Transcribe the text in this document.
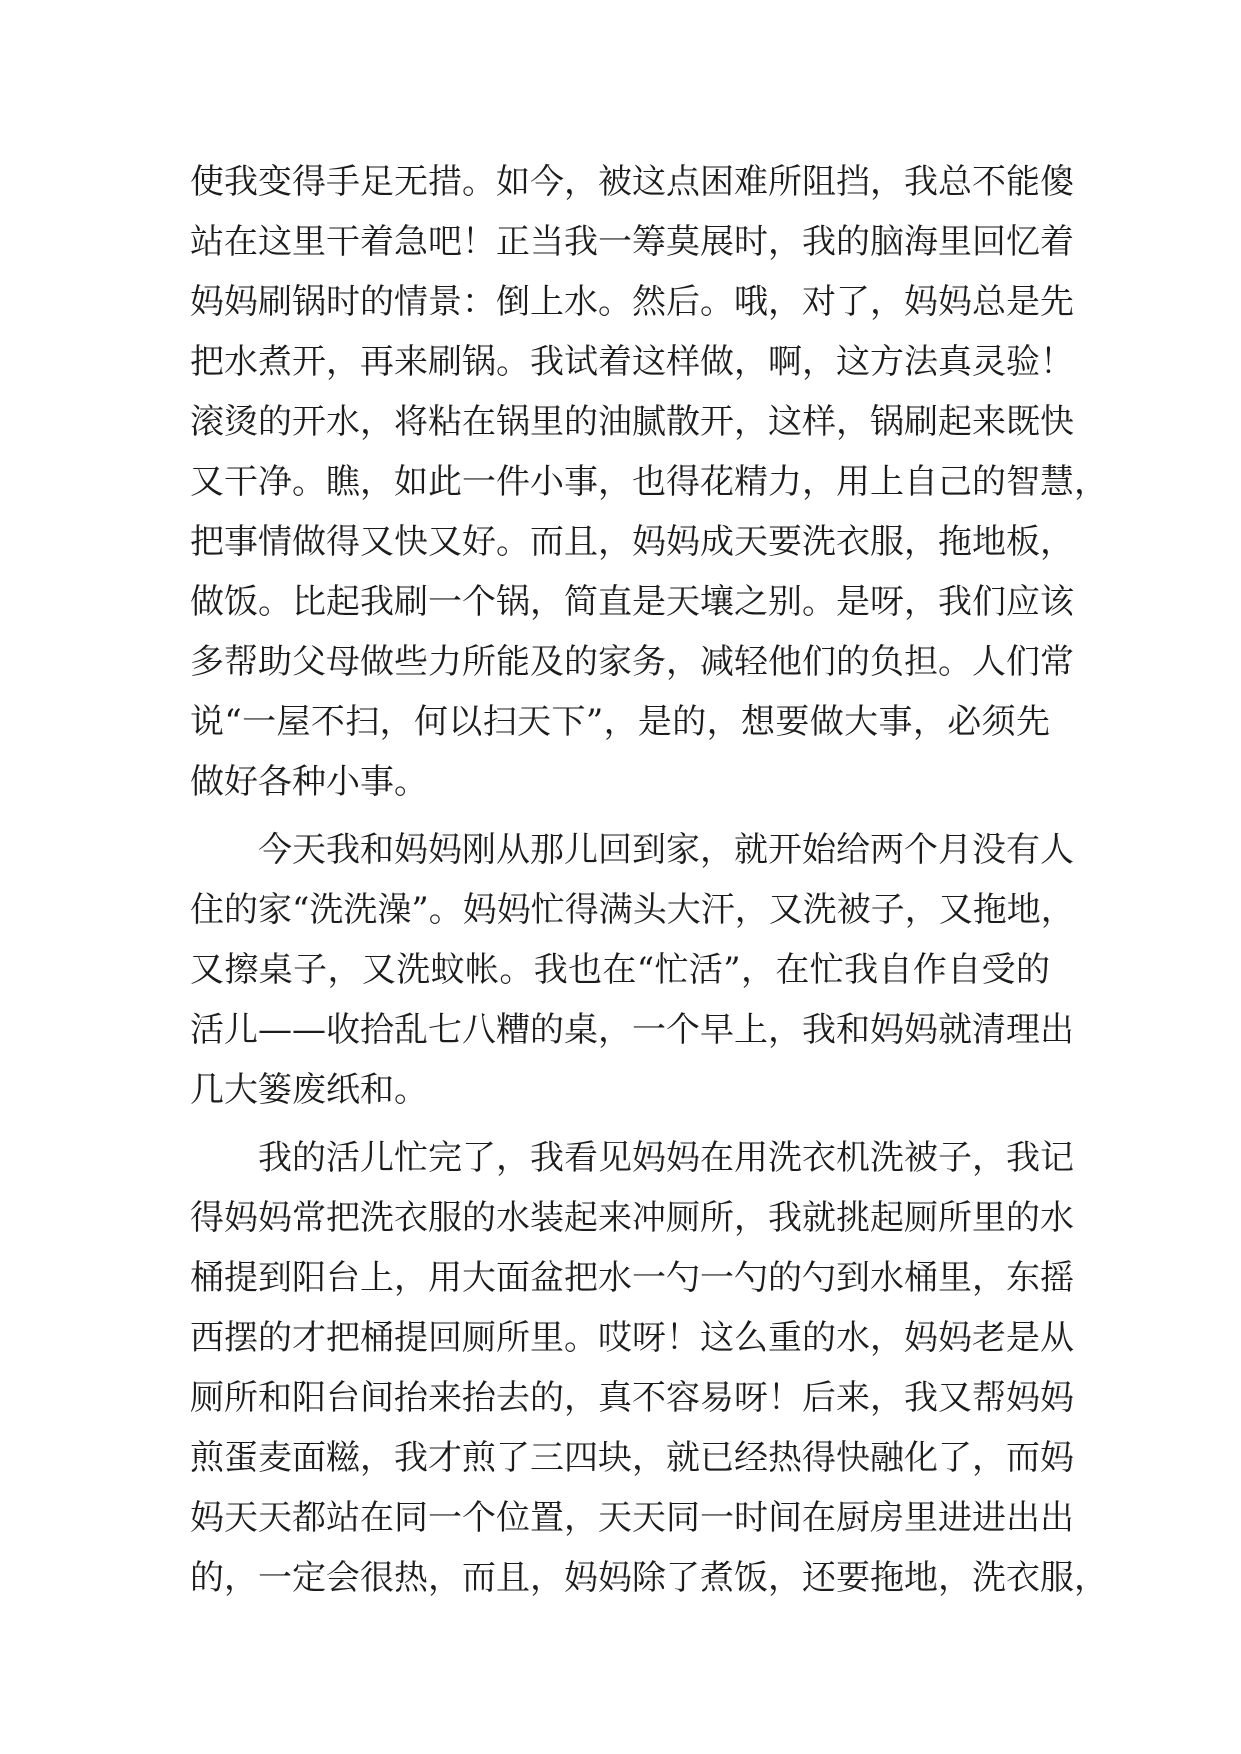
使我变得手足无措。如今，被这点困难所阻挡，我总不能傻
站在这里干着急吧！正当我一筹莫展时，我的脑海里回忆着
妈妈刷锅时的情景：倒上水。然后。哦，对了，妈妈总是先
把水煮开，再来刷锅。我试着这样做，啊，这方法真灵验！
滚烫的开水，将粘在锅里的油腻散开，这样，锅刷起来既快
又干净。瞧，如此一件小事，也得花精力，用上自己的智慧，
把事情做得又快又好。而且，妈妈成天要洗衣服，拖地板，
做饭。比起我刷一个锅，简直是天壤之别。是呀，我们应该
多帮助父母做些力所能及的家务，减轻他们的负担。人们常
说“一屋不扫，何以扫天下”，是的，想要做大事，必须先
做好各种小事。
今天我和妈妈刚从那儿回到家，就开始给两个月没有人
住的家“洗洗澡”。妈妈忙得满头大汗，又洗被子，又拖地，
又擦桌子，又洗蚊帐。我也在“忙活”，在忙我自作自受的
活儿——收拾乱七八糟的桌，一个早上，我和妈妈就清理出
几大篓废纸和。
我的活儿忙完了，我看见妈妈在用洗衣机洗被子，我记
得妈妈常把洗衣服的水装起来冲厕所，我就挑起厕所里的水
桶提到阳台上，用大面盆把水一勺一勺的勺到水桶里，东摇
西摆的才把桶提回厕所里。哎呀！这么重的水，妈妈老是从
厕所和阳台间抬来抬去的，真不容易呀！后来，我又帮妈妈
煎蛋麦面糍，我才煎了三四块，就已经热得快融化了，而妈
妈天天都站在同一个位置，天天同一时间在厨房里进进出出
的，一定会很热，而且，妈妈除了煮饭，还要拖地，洗衣服，
